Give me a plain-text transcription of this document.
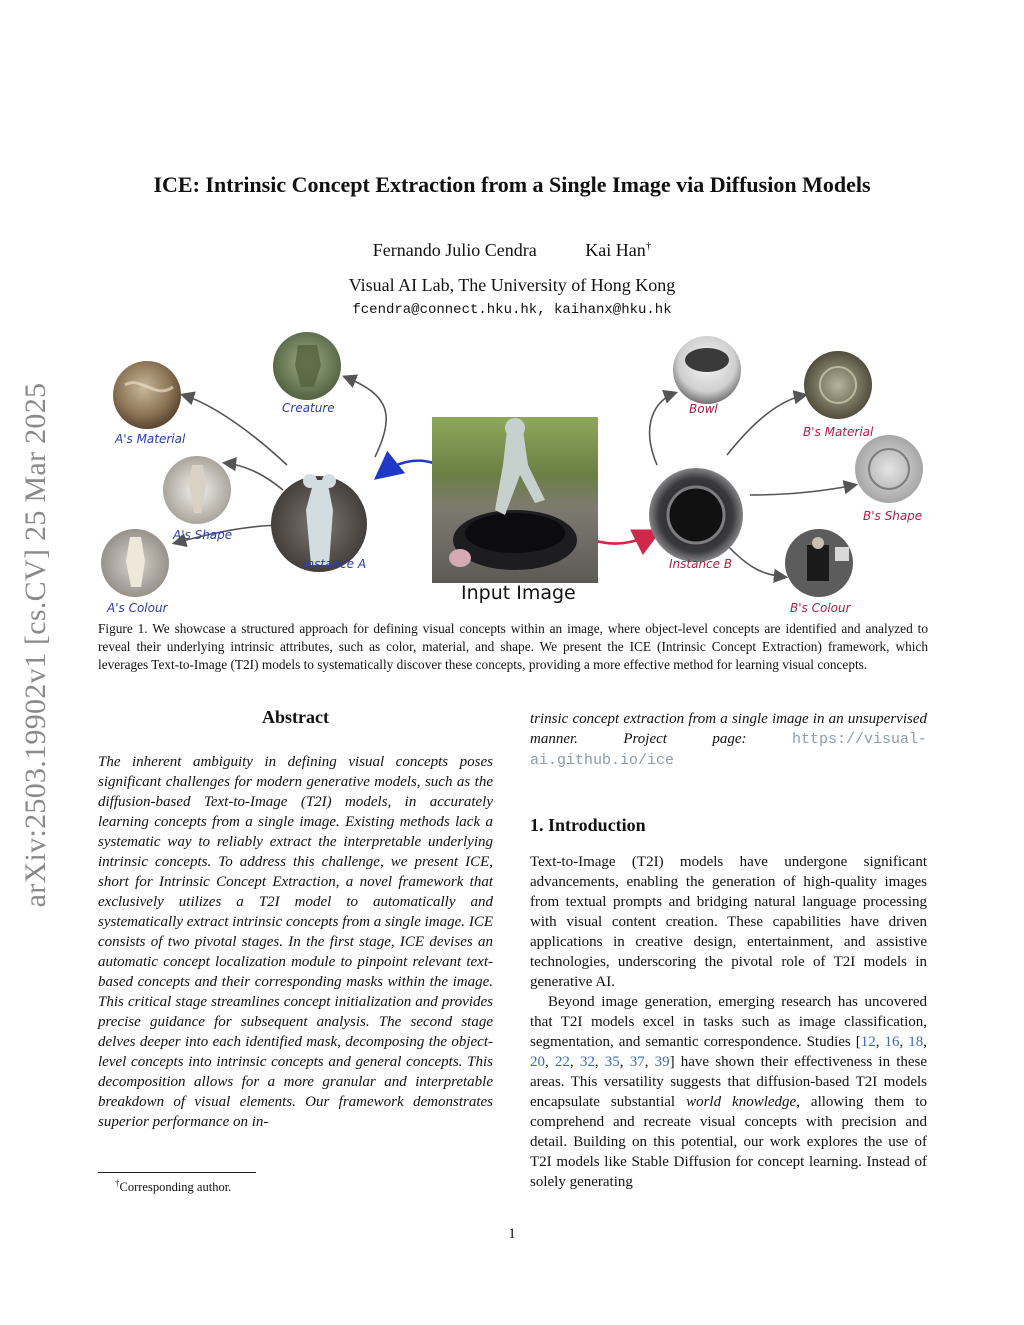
arXiv:2503.19902v1 [cs.CV] 25 Mar 2025
ICE: Intrinsic Concept Extraction from a Single Image via Diffusion Models
Fernando Julio Cendra	Kai Han†
Visual AI Lab, The University of Hong Kong
fcendra@connect.hku.hk, kaihanx@hku.hk
Creature
A's Material
A's Shape
Instance A
A's Colour
Bowl
B's Material
B's Shape
Instance B
B's Colour
Input Image
Figure 1. We showcase a structured approach for defining visual concepts within an image, where object-level concepts are identified and analyzed to reveal their underlying intrinsic attributes, such as color, material, and shape. We present the ICE (Intrinsic Concept Extraction) framework, which leverages Text-to-Image (T2I) models to systematically discover these concepts, providing a more effective method for learning visual concepts.
Abstract
The inherent ambiguity in defining visual concepts poses significant challenges for modern generative models, such as the diffusion-based Text-to-Image (T2I) models, in accurately learning concepts from a single image. Existing methods lack a systematic way to reliably extract the interpretable underlying intrinsic concepts. To address this challenge, we present ICE, short for Intrinsic Concept Extraction, a novel framework that exclusively utilizes a T2I model to automatically and systematically extract intrinsic concepts from a single image. ICE consists of two pivotal stages. In the first stage, ICE devises an automatic concept localization module to pinpoint relevant text-based concepts and their corresponding masks within the image. This critical stage streamlines concept initialization and provides precise guidance for subsequent analysis. The second stage delves deeper into each identified mask, decomposing the object-level concepts into intrinsic concepts and general concepts. This decomposition allows for a more granular and interpretable breakdown of visual elements. Our framework demonstrates superior performance on in-
†Corresponding author.
trinsic concept extraction from a single image in an unsupervised manner. Project page:	https://visual-ai.github.io/ice
1. Introduction

Text-to-Image (T2I) models have undergone significant advancements, enabling the generation of high-quality images from textual prompts and bridging natural language processing with visual content creation. These capabilities have driven applications in creative design, entertainment, and assistive technologies, underscoring the pivotal role of T2I models in generative AI.

Beyond image generation, emerging research has uncovered that T2I models excel in tasks such as image classification, segmentation, and semantic correspondence. Studies [12, 16, 18, 20, 22, 32, 35, 37, 39] have shown their effectiveness in these areas. This versatility suggests that diffusion-based T2I models encapsulate substantial world knowledge, allowing them to comprehend and recreate visual concepts with precision and detail. Building on this potential, our work explores the use of T2I models like Stable Diffusion for concept learning. Instead of solely generating

1
